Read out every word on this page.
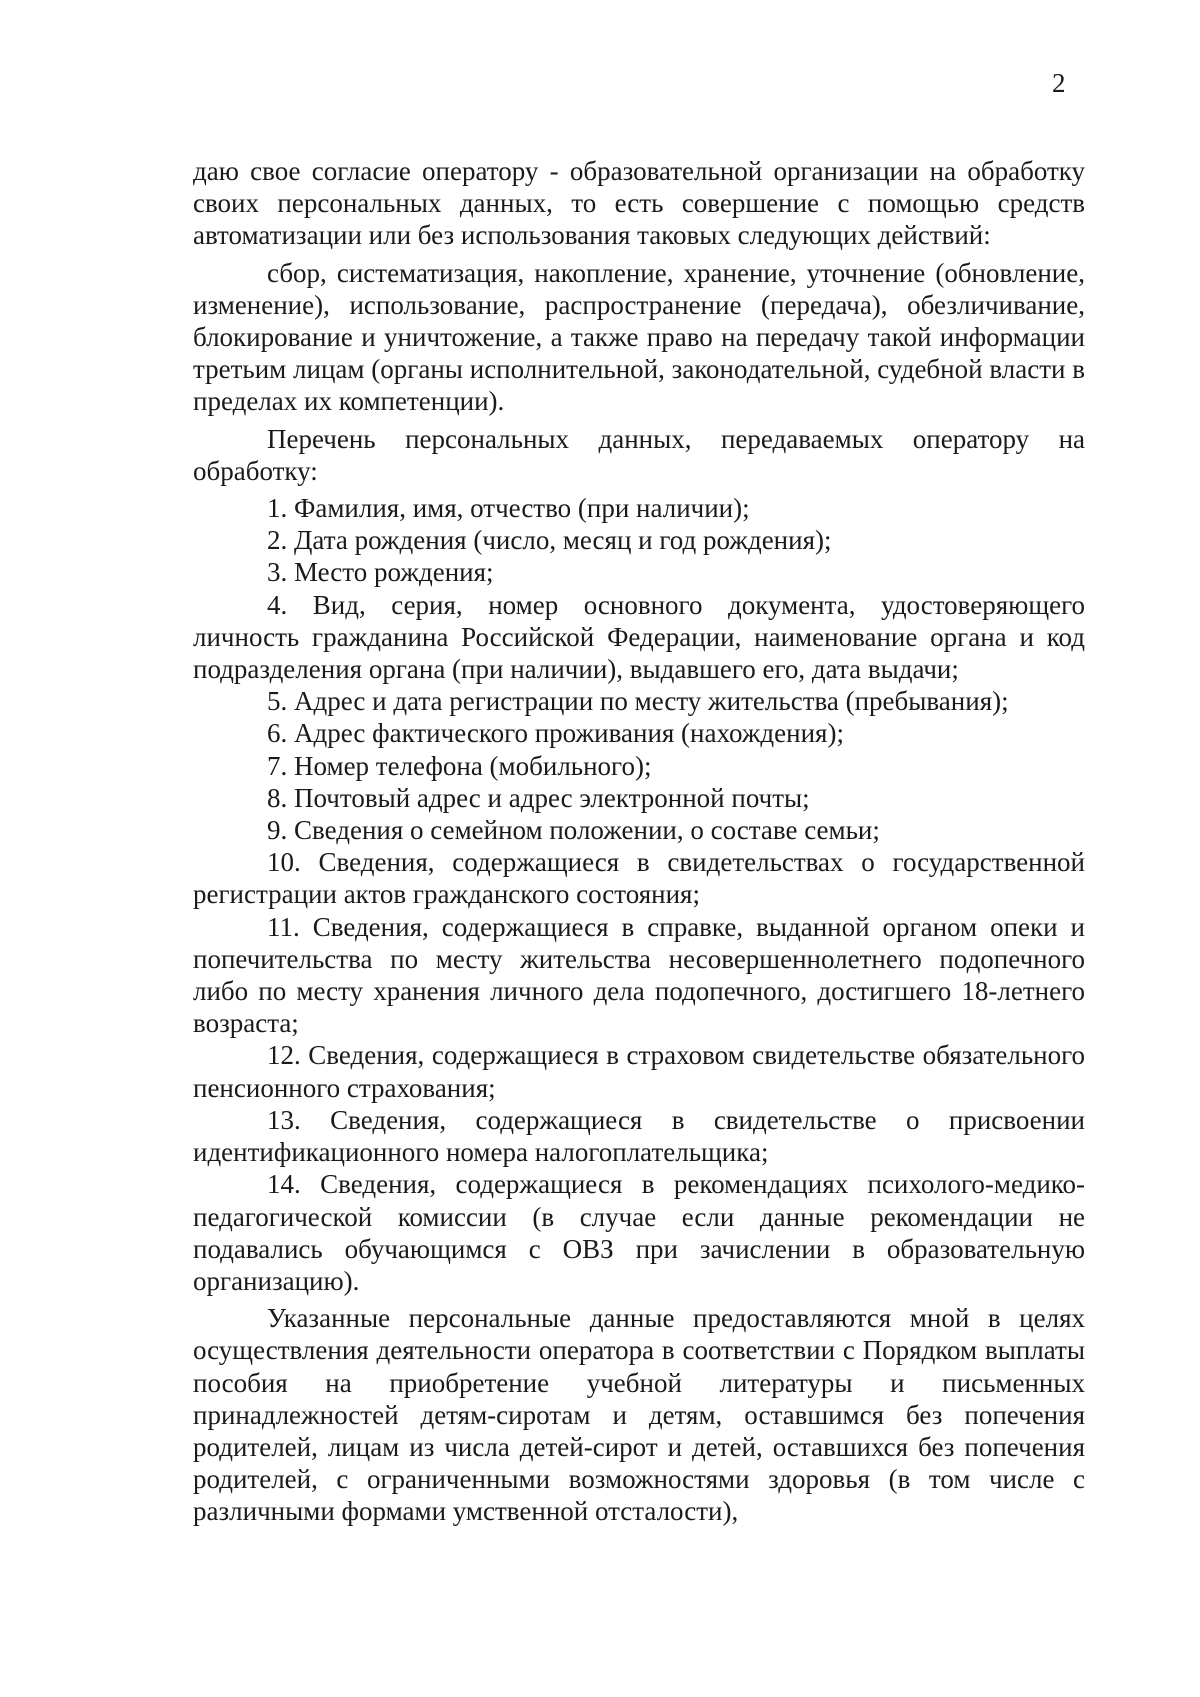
2

даю свое согласие оператору - образовательной организации на обработку своих персональных данных, то есть совершение с помощью средств автоматизации или без использования таковых следующих действий:

сбор, систематизация, накопление, хранение, уточнение (обновление, изменение), использование, распространение (передача), обезличивание, блокирование и уничтожение, а также право на передачу такой информации третьим лицам (органы исполнительной, законодательной, судебной власти в пределах их компетенции).

Перечень персональных данных, передаваемых оператору на обработку:

1. Фамилия, имя, отчество (при наличии);

2. Дата рождения (число, месяц и год рождения);

3. Место рождения;

4. Вид, серия, номер основного документа, удостоверяющего личность гражданина Российской Федерации, наименование органа и код подразделения органа (при наличии), выдавшего его, дата выдачи;

5. Адрес и дата регистрации по месту жительства (пребывания);

6. Адрес фактического проживания (нахождения);

7. Номер телефона (мобильного);

8. Почтовый адрес и адрес электронной почты;

9. Сведения о семейном положении, о составе семьи;

10. Сведения, содержащиеся в свидетельствах о государственной регистрации актов гражданского состояния;

11. Сведения, содержащиеся в справке, выданной органом опеки и попечительства по месту жительства несовершеннолетнего подопечного либо по месту хранения личного дела подопечного, достигшего 18-летнего возраста;

12. Сведения, содержащиеся в страховом свидетельстве обязательного пенсионного страхования;

13. Сведения, содержащиеся в свидетельстве о присвоении идентификационного номера налогоплательщика;

14. Сведения, содержащиеся в рекомендациях психолого-медико-педагогической комиссии (в случае если данные рекомендации не подавались обучающимся с ОВЗ при зачислении в образовательную организацию).

Указанные персональные данные предоставляются мной в целях осуществления деятельности оператора в соответствии с Порядком выплаты пособия на приобретение учебной литературы и письменных принадлежностей детям-сиротам и детям, оставшимся без попечения родителей, лицам из числа детей-сирот и детей, оставшихся без попечения родителей, с ограниченными возможностями здоровья (в том числе с различными формами умственной отсталости),
